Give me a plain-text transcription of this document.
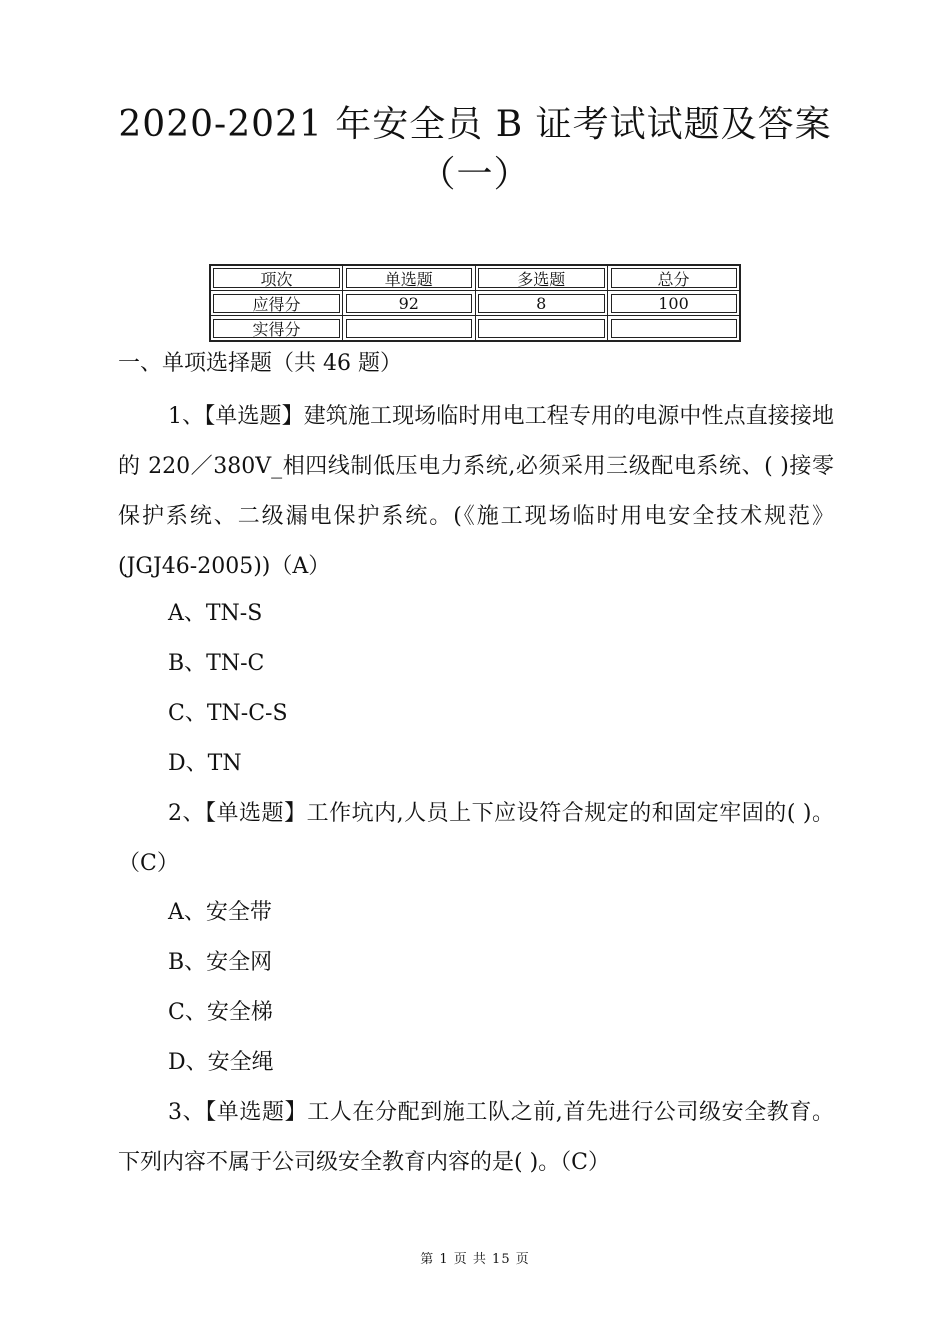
2020-2021 年安全员 B 证考试试题及答案
（一）
项次	单选题	多选题	总分
应得分	92	8	100
实得分			
一、单项选择题（共 46 题）
1、【单选题】建筑施工现场临时用电工程专用的电源中性点直接接地的 220／380V_相四线制低压电力系统,必须采用三级配电系统、( )接零保护系统、二级漏电保护系统。(《施工现场临时用电安全技术规范》(JGJ46-2005))（A）
A、TN-S
B、TN-C
C、TN-C-S
D、TN
2、【单选题】工作坑内,人员上下应设符合规定的和固定牢固的( )。（C）
A、安全带
B、安全网
C、安全梯
D、安全绳
3、【单选题】工人在分配到施工队之前,首先进行公司级安全教育。下列内容不属于公司级安全教育内容的是( )。（C）
第 1 页 共 15 页
